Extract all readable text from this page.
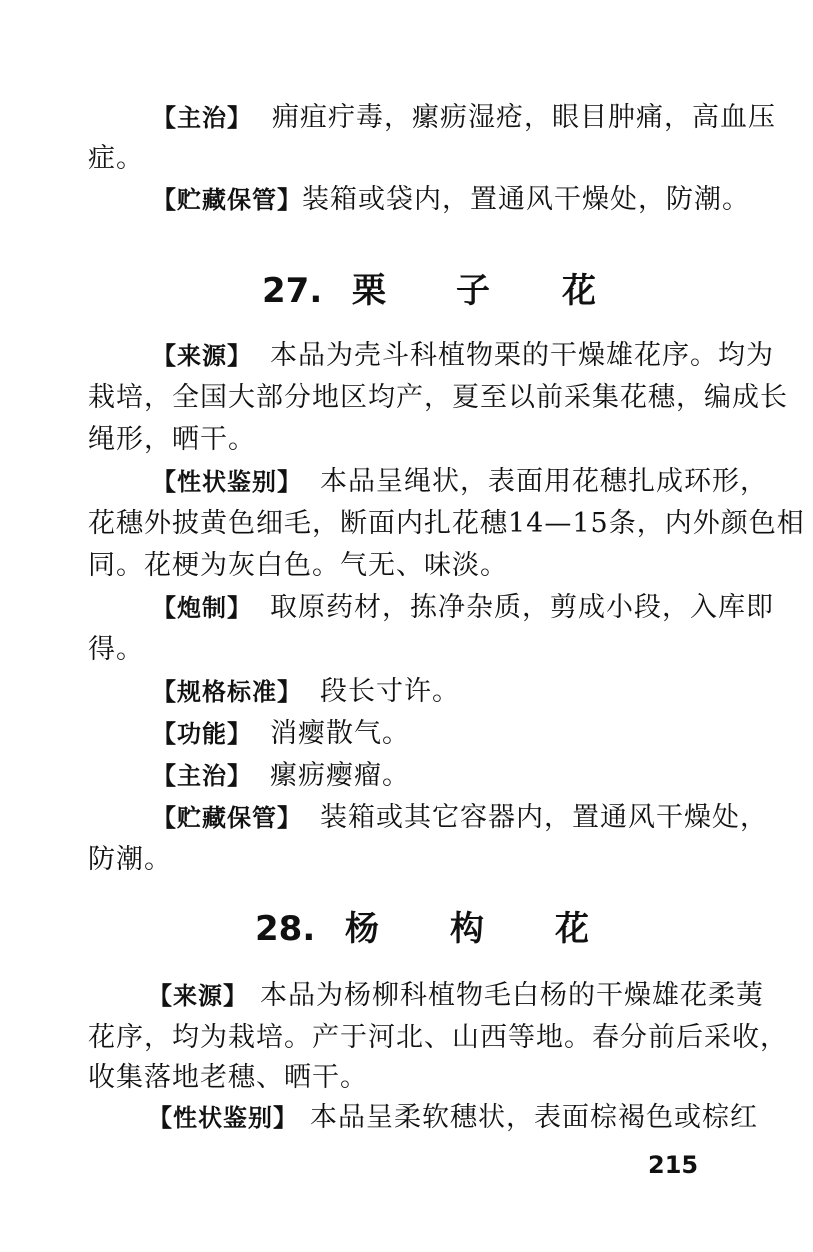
【主治】 痈疽疔毒，瘰疬湿疮，眼目肿痛，高血压
症。
【贮藏保管】装箱或袋内，置通风干燥处，防潮。
27. 栗 子 花
【来源】 本品为壳斗科植物栗的干燥雄花序。均为
栽培，全国大部分地区均产，夏至以前采集花穗，编成长
绳形，晒干。
【性状鉴别】 本品呈绳状，表面用花穗扎成环形，
花穗外披黄色细毛，断面内扎花穗14—15条，内外颜色相
同。花梗为灰白色。气无、味淡。
【炮制】 取原药材，拣净杂质，剪成小段，入库即
得。
【规格标准】 段长寸许。
【功能】 消瘿散气。
【主治】 瘰疬瘿瘤。
【贮藏保管】 装箱或其它容器内，置通风干燥处，
防潮。
28. 杨 构 花
【来源】 本品为杨柳科植物毛白杨的干燥雄花柔荑
花序，均为栽培。产于河北、山西等地。春分前后采收，
收集落地老穗、晒干。
【性状鉴别】 本品呈柔软穗状，表面棕褐色或棕红
215
